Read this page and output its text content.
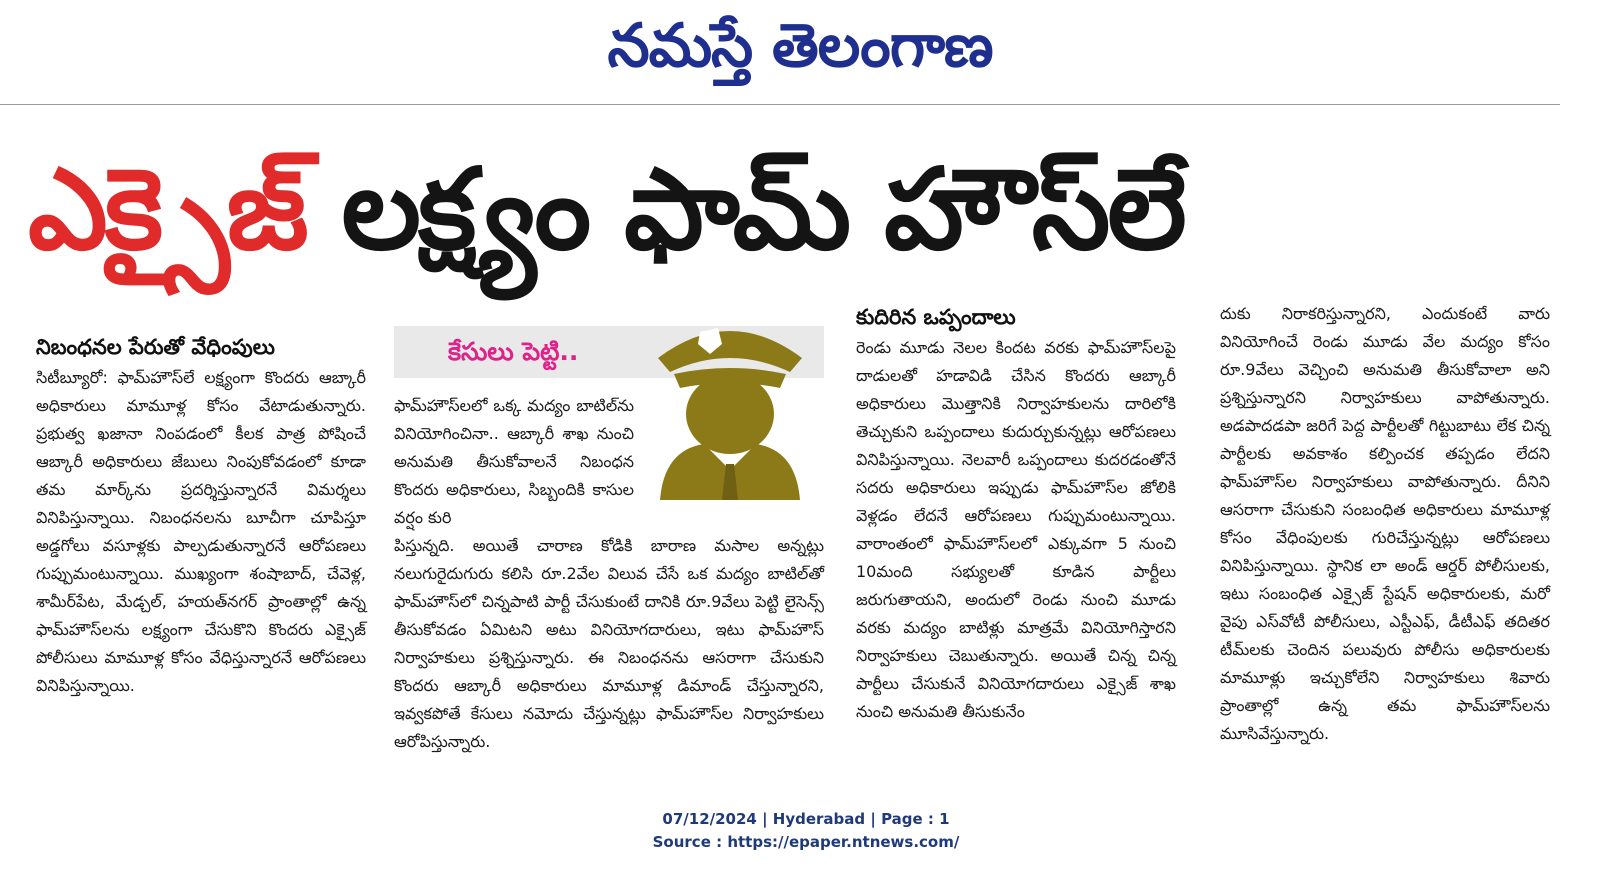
నమస్తే తెలంగాణ
ఎక్సైజ్ లక్ష్యం ఫామ్‌ హౌస్‌లే

నిబంధనల పేరుతో వేధింపులు

సిటీబ్యూరో: ఫామ్‌హౌస్‌లే లక్ష్యంగా కొందరు ఆబ్కారీ అధికారులు మామూళ్ల కోసం వేటాడుతున్నారు. ప్రభుత్వ ఖజానా నింపడంలో కీలక పాత్ర పోషించే ఆబ్కారీ అధికారులు జేబులు నింపుకోవడంలో కూడా తమ మార్క్‌ను ప్రదర్శిస్తున్నారనే విమర్శలు వినిపిస్తున్నాయి. నిబంధనలను బూచీగా చూపిస్తూ అడ్డగోలు వసూళ్లకు పాల్పడుతున్నారనే ఆరోపణలు గుప్పుమంటున్నాయి. ముఖ్యంగా శంషాబాద్‌, చేవెళ్ల, శామీర్‌పేట, మేడ్చల్‌, హయత్‌నగర్‌ ప్రాంతాల్లో ఉన్న ఫామ్‌హౌస్‌లను లక్ష్యంగా చేసుకొని కొందరు ఎక్సైజ్‌ పోలీసులు మామూళ్ల కోసం వేధిస్తున్నారనే ఆరోపణలు వినిపిస్తున్నాయి.

కేసులు పెట్టి..

ఫామ్‌హౌస్‌లలో ఒక్క మద్యం బాటిల్‌ను వినియోగించినా.. ఆబ్కారీ శాఖ నుంచి అనుమతి తీసుకోవాలనే నిబంధన కొందరు అధికారులు, సిబ్బందికి కాసుల వర్షం కురి

పిస్తున్నది. అయితే చారాణ కోడికి బారాణ మసాల అన్నట్లు నలుగురైదుగురు కలిసి రూ.2వేల విలువ చేసే ఒక మద్యం బాటిల్‌తో ఫామ్‌హౌస్‌లో చిన్నపాటి పార్టీ చేసుకుంటే దానికి రూ.9వేలు పెట్టి లైసెన్స్‌ తీసుకోవడం ఏమిటని అటు వినియోగదారులు, ఇటు ఫామ్‌హౌస్‌ నిర్వాహకులు ప్రశ్నిస్తున్నారు. ఈ నిబంధనను ఆసరాగా చేసుకుని కొందరు ఆబ్కారీ అధికారులు మామూళ్ల డిమాండ్‌ చేస్తున్నారని, ఇవ్వకపోతే కేసులు నమోదు చేస్తున్నట్లు ఫామ్‌హౌస్‌ల నిర్వాహకులు ఆరోపిస్తున్నారు.

కుదిరిన ఒప్పందాలు

రెండు మూడు నెలల కిందట వరకు ఫామ్‌హౌస్‌లపై దాడులతో హడావిడి చేసిన కొందరు ఆబ్కారీ అధికారులు మొత్తానికి నిర్వాహకులను దారిలోకి తెచ్చుకుని ఒప్పందాలు కుదుర్చుకున్నట్లు ఆరోపణలు వినిపిస్తున్నాయి. నెలవారీ ఒప్పందాలు కుదరడంతోనే సదరు అధికారులు ఇప్పుడు ఫామ్‌హౌస్‌ల జోలికి వెళ్లడం లేదనే ఆరోపణలు గుప్పుమంటున్నాయి. వారాంతంలో ఫామ్‌హౌస్‌లలో ఎక్కువగా 5 నుంచి 10మంది సభ్యులతో కూడిన పార్టీలు జరుగుతాయని, అందులో రెండు నుంచి మూడు వరకు మద్యం బాటిళ్లు మాత్రమే వినియోగిస్తారని నిర్వాహకులు చెబుతున్నారు. అయితే చిన్న చిన్న పార్టీలు చేసుకునే వినియోగదారులు ఎక్సైజ్‌ శాఖ నుంచి అనుమతి తీసుకునేం

దుకు నిరాకరిస్తున్నారని, ఎందుకంటే వారు వినియోగించే రెండు మూడు వేల మద్యం కోసం రూ.9వేలు వెచ్చించి అనుమతి తీసుకోవాలా అని ప్రశ్నిస్తున్నారని నిర్వాహకులు వాపోతున్నారు. అడపాదడపా జరిగే పెద్ద పార్టీలతో గిట్టుబాటు లేక చిన్న పార్టీలకు అవకాశం కల్పించక తప్పడం లేదని ఫామ్‌హౌస్‌ల నిర్వాహకులు వాపోతున్నారు. దీనిని ఆసరాగా చేసుకుని సంబంధిత అధికారులు మామూళ్ల కోసం వేధింపులకు గురిచేస్తున్నట్లు ఆరోపణలు వినిపిస్తున్నాయి. స్థానిక లా అండ్‌ ఆర్డర్‌ పోలీసులకు, ఇటు సంబంధిత ఎక్సైజ్‌ స్టేషన్‌ అధికారులకు, మరో వైపు ఎస్‌వోటీ పోలీసులు, ఎస్టీఎఫ్‌, డీటీఎఫ్‌ తదితర టీమ్‌లకు చెందిన పలువురు పోలీసు అధికారులకు మామూళ్లు ఇచ్చుకోలేని నిర్వాహకులు శివారు ప్రాంతాల్లో ఉన్న తమ ఫామ్‌హౌస్‌లను మూసివేస్తున్నారు.

07/12/2024 | Hyderabad | Page : 1
Source : https://epaper.ntnews.com/
